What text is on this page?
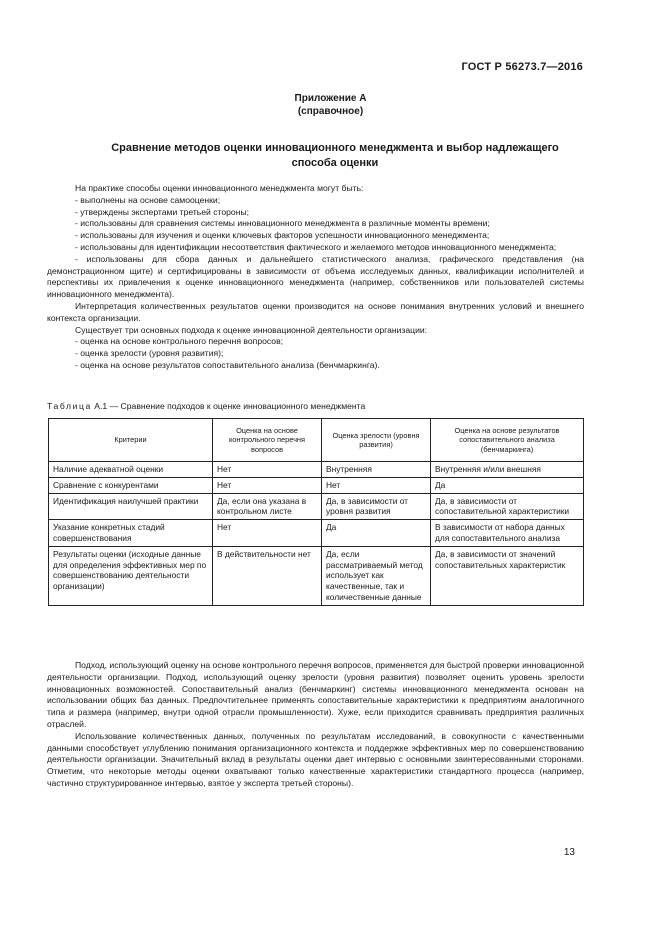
ГОСТ Р 56273.7—2016
Приложение А
(справочное)
Сравнение методов оценки инновационного менеджмента и выбор надлежащего способа оценки

На практике способы оценки инновационного менеджмента могут быть:

- выполнены на основе самооценки;

- утверждены экспертами третьей стороны;

- использованы для сравнения системы инновационного менеджмента в различные моменты времени;

- использованы для изучения и оценки ключевых факторов успешности инновационного менеджмента;

- использованы для идентификации несоответствия фактического и желаемого методов инновационного менеджмента;

- использованы для сбора данных и дальнейшего статистического анализа, графического представления (на демонстрационном щите) и сертифицированы в зависимости от объема исследуемых данных, квалификации исполнителей и перспективы их привлечения к оценке инновационного менеджмента (например, собственников или пользователей системы инновационного менеджмента).

Интерпретация количественных результатов оценки производится на основе понимания внутренних условий и внешнего контекста организации.

Существует три основных подхода к оценке инновационной деятельности организации:

- оценка на основе контрольного перечня вопросов;

- оценка зрелости (уровня развития);

- оценка на основе результатов сопоставительного анализа (бенчмаркинга).

Таблица А.1 — Сравнение подходов к оценке инновационного менеджмента
Критерии	Оценка на основе контрольного перечня вопросов	Оценка зрелости (уровня развития)	Оценка на основе результатов сопоставительного анализа (бенчмаркинга)
Наличие адекватной оценки	Нет	Внутренняя	Внутренняя и/или внешняя
Сравнение с конкурентами	Нет	Нет	Да
Идентификация наилучшей практики	Да, если она указана в контрольном листе	Да, в зависимости от уровня развития	Да, в зависимости от сопоставительной характеристики
Указание конкретных стадий совершенствования	Нет	Да	В зависимости от набора данных для сопоставительного анализа
Результаты оценки (исходные данные для определения эффективных мер по совершенствованию деятельности организации)	В действительности нет	Да, если рассматриваемый метод использует как качественные, так и количественные данные	Да, в зависимости от значений сопоставительных характеристик

Подход, использующий оценку на основе контрольного перечня вопросов, применяется для быстрой проверки инновационной деятельности организации. Подход, использующий оценку зрелости (уровня развития) позволяет оценить уровень зрелости инновационных возможностей. Сопоставительный анализ (бенчмаркинг) системы инновационного менеджмента основан на использовании общих баз данных. Предпочтительнее применять сопоставительные характеристики к предприятиям аналогичного типа и размера (например, внутри одной отрасли промышленности). Хуже, если приходится сравнивать предприятия различных отраслей.

Использование количественных данных, полученных по результатам исследований, в совокупности с качественными данными способствует углублению понимания организационного контекста и поддержке эффективных мер по совершенствованию деятельности организации. Значительный вклад в результаты оценки дает интервью с основными заинтересованными сторонами. Отметим, что некоторые методы оценки охватывают только качественные характеристики стандартного процесса (например, частично структурированное интервью, взятое у эксперта третьей стороны).

13
